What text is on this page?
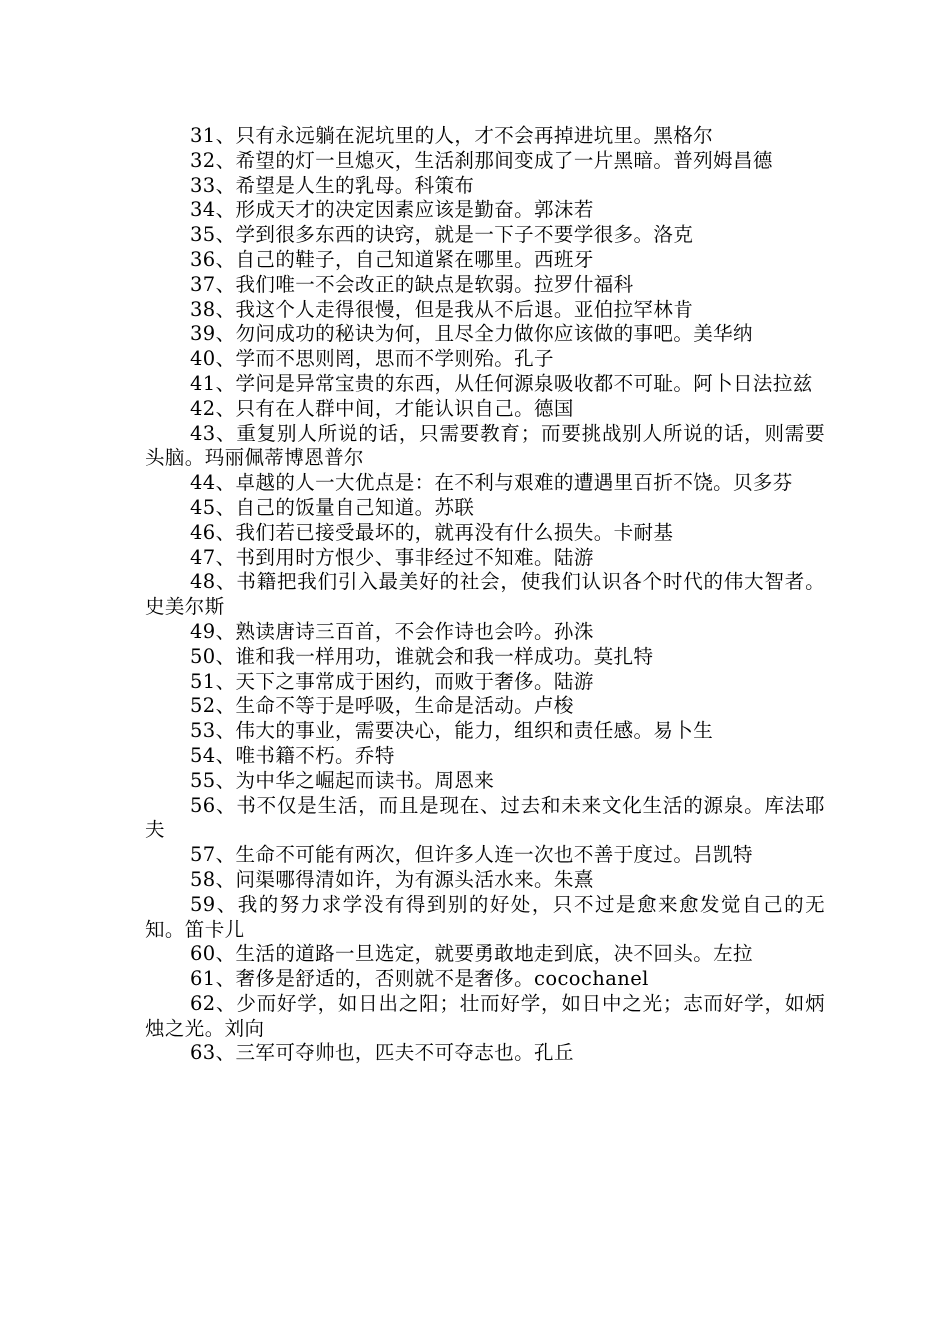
31、只有永远躺在泥坑里的人，才不会再掉进坑里。黑格尔

32、希望的灯一旦熄灭，生活刹那间变成了一片黑暗。普列姆昌德

33、希望是人生的乳母。科策布

34、形成天才的决定因素应该是勤奋。郭沫若

35、学到很多东西的诀窍，就是一下子不要学很多。洛克

36、自己的鞋子，自己知道紧在哪里。西班牙

37、我们唯一不会改正的缺点是软弱。拉罗什福科

38、我这个人走得很慢，但是我从不后退。亚伯拉罕林肯

39、勿问成功的秘诀为何，且尽全力做你应该做的事吧。美华纳

40、学而不思则罔，思而不学则殆。孔子

41、学问是异常宝贵的东西，从任何源泉吸收都不可耻。阿卜日法拉兹

42、只有在人群中间，才能认识自己。德国

43、重复别人所说的话，只需要教育；而要挑战别人所说的话，则需要头脑。玛丽佩蒂博恩普尔

44、卓越的人一大优点是：在不利与艰难的遭遇里百折不饶。贝多芬

45、自己的饭量自己知道。苏联

46、我们若已接受最坏的，就再没有什么损失。卡耐基

47、书到用时方恨少、事非经过不知难。陆游

48、书籍把我们引入最美好的社会，使我们认识各个时代的伟大智者。史美尔斯

49、熟读唐诗三百首，不会作诗也会吟。孙洙

50、谁和我一样用功，谁就会和我一样成功。莫扎特

51、天下之事常成于困约，而败于奢侈。陆游

52、生命不等于是呼吸，生命是活动。卢梭

53、伟大的事业，需要决心，能力，组织和责任感。易卜生

54、唯书籍不朽。乔特

55、为中华之崛起而读书。周恩来

56、书不仅是生活，而且是现在、过去和未来文化生活的源泉。库法耶夫

57、生命不可能有两次，但许多人连一次也不善于度过。吕凯特

58、问渠哪得清如许，为有源头活水来。朱熹

59、我的努力求学没有得到别的好处，只不过是愈来愈发觉自己的无知。笛卡儿

60、生活的道路一旦选定，就要勇敢地走到底，决不回头。左拉

61、奢侈是舒适的，否则就不是奢侈。cocochanel

62、少而好学，如日出之阳；壮而好学，如日中之光；志而好学，如炳烛之光。刘向

63、三军可夺帅也，匹夫不可夺志也。孔丘
